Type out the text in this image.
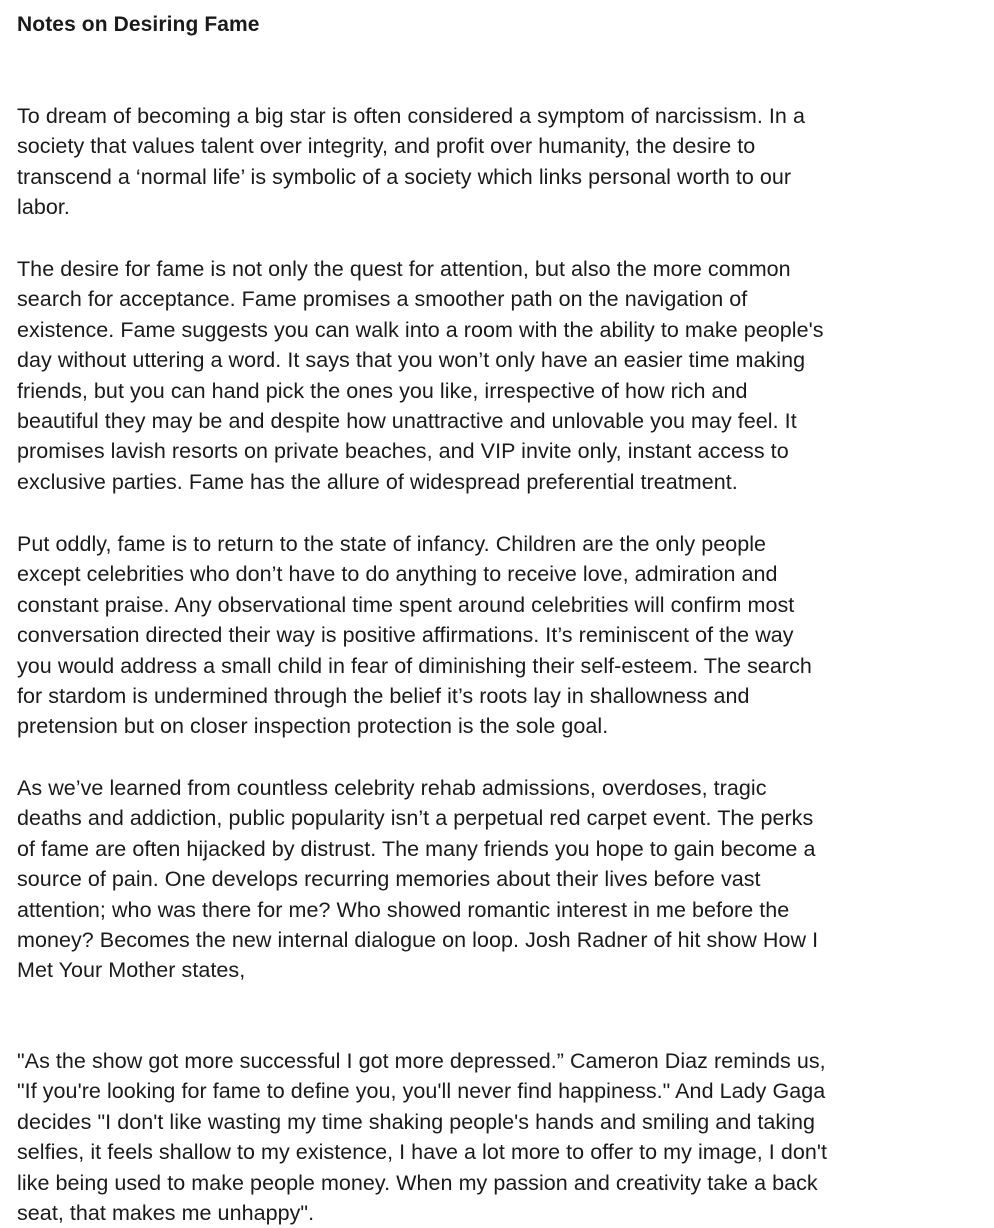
Notes on Desiring Fame
To dream of becoming a big star is often considered a symptom of narcissism. In a
society that values talent over integrity, and profit over humanity, the desire to
transcend a ‘normal life’ is symbolic of a society which links personal worth to our
labor.
The desire for fame is not only the quest for attention, but also the more common
search for acceptance. Fame promises a smoother path on the navigation of
existence. Fame suggests you can walk into a room with the ability to make people's
day without uttering a word. It says that you won’t only have an easier time making
friends, but you can hand pick the ones you like, irrespective of how rich and
beautiful they may be and despite how unattractive and unlovable you may feel. It
promises lavish resorts on private beaches, and VIP invite only, instant access to
exclusive parties. Fame has the allure of widespread preferential treatment.
Put oddly, fame is to return to the state of infancy. Children are the only people
except celebrities who don’t have to do anything to receive love, admiration and
constant praise. Any observational time spent around celebrities will confirm most
conversation directed their way is positive affirmations. It’s reminiscent of the way
you would address a small child in fear of diminishing their self-esteem. The search
for stardom is undermined through the belief it’s roots lay in shallowness and
pretension but on closer inspection protection is the sole goal.
As we’ve learned from countless celebrity rehab admissions, overdoses, tragic
deaths and addiction, public popularity isn’t a perpetual red carpet event. The perks
of fame are often hijacked by distrust. The many friends you hope to gain become a
source of pain. One develops recurring memories about their lives before vast
attention; who was there for me? Who showed romantic interest in me before the
money? Becomes the new internal dialogue on loop. Josh Radner of hit show How I
Met Your Mother states,
"As the show got more successful I got more depressed.” Cameron Diaz reminds us,
"If you're looking for fame to define you, you'll never find happiness." And Lady Gaga
decides "I don't like wasting my time shaking people's hands and smiling and taking
selfies, it feels shallow to my existence, I have a lot more to offer to my image, I don't
like being used to make people money. When my passion and creativity take a back
seat, that makes me unhappy".
